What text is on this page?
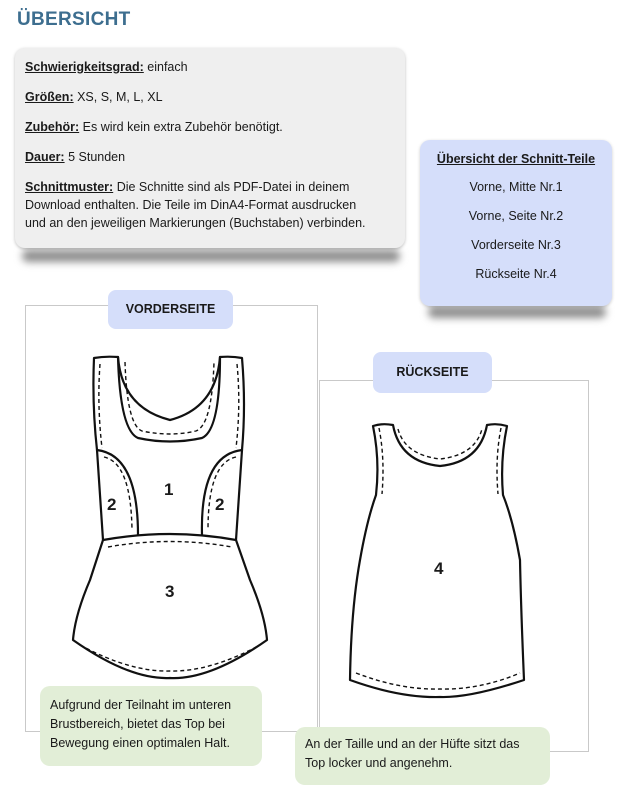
ÜBERSICHT

Schwierigkeitsgrad: einfach

Größen: XS, S, M, L, XL

Zubehör: Es wird kein extra Zubehör benötigt.

Dauer: 5 Stunden

Schnittmuster: Die Schnitte sind als PDF-Datei in deinem
Download enthalten. Die Teile im DinA4-Format ausdrucken
und an den jeweiligen Markierungen (Buchstaben) verbinden.

Übersicht der Schnitt-Teile
Vorne, Mitte Nr.1
Vorne, Seite Nr.2
Vorderseite Nr.3
Rückseite Nr.4
VORDERSEITE
1
2	2
3
Aufgrund der Teilnaht im unteren
Brustbereich, bietet das Top bei
Bewegung einen optimalen Halt.
RÜCKSEITE
4
An der Taille und an der Hüfte sitzt das
Top locker und angenehm.
